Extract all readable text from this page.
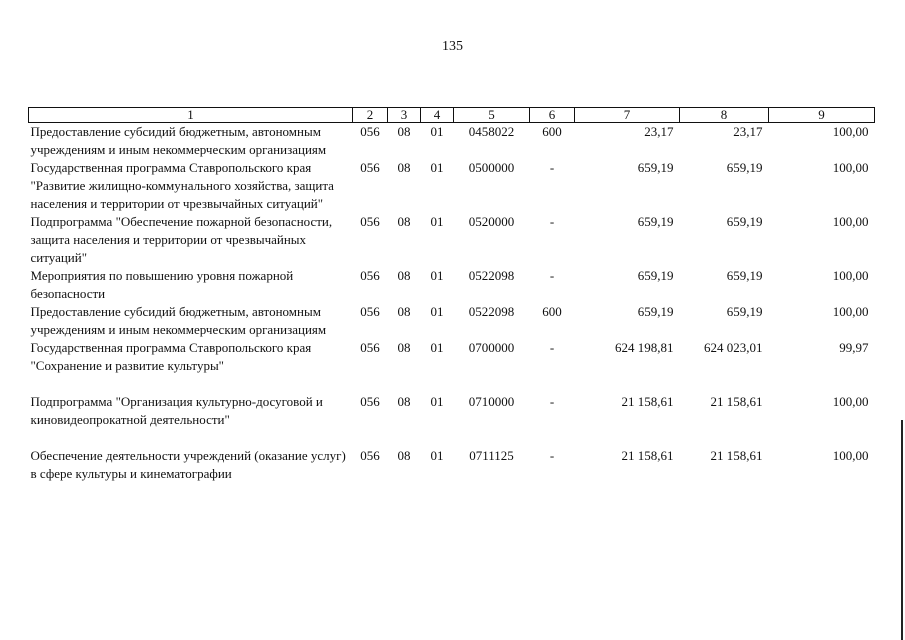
135
1	2	3	4	5	6	7	8	9
Предоставление субсидий бюджетным, автономным учреждениям и иным некоммерческим организациям	056	08	01	0458022	600	23,17	23,17	100,00
Государственная программа Ставропольского края "Развитие жилищно-коммунального хозяйства, защита населения и территории от чрезвычайных ситуаций"	056	08	01	0500000	-	659,19	659,19	100,00
Подпрограмма "Обеспечение пожарной безопасности, защита населения и территории от чрезвычайных ситуаций"	056	08	01	0520000	-	659,19	659,19	100,00
Мероприятия по повышению уровня пожарной безопасности	056	08	01	0522098	-	659,19	659,19	100,00
Предоставление субсидий бюджетным, автономным учреждениям и иным некоммерческим организациям	056	08	01	0522098	600	659,19	659,19	100,00
Государственная программа Ставропольского края "Сохранение и развитие культуры"	056	08	01	0700000	-	624 198,81	624 023,01	99,97
Подпрограмма "Организация культурно-досуговой и киновидеопрокатной деятельности"	056	08	01	0710000	-	21 158,61	21 158,61	100,00
Обеспечение деятельности учреждений (оказание услуг) в сфере культуры и кинематографии	056	08	01	0711125	-	21 158,61	21 158,61	100,00
